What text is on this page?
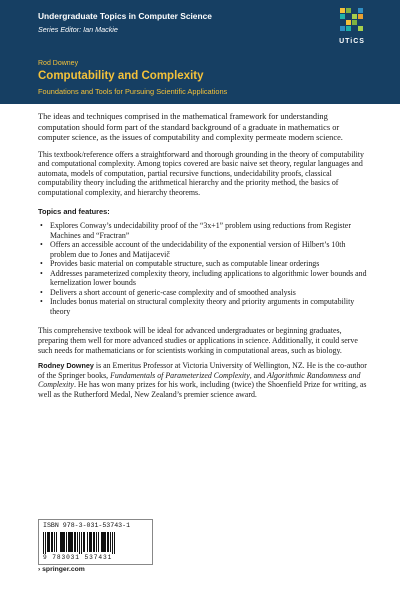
Undergraduate Topics in Computer Science
Series Editor: Ian Mackie
Rod Downey
Computability and Complexity
Foundations and Tools for Pursuing Scientific Applications
UTiCS

The ideas and techniques comprised in the mathematical framework for understanding computation should form part of the standard background of a graduate in mathematics or computer science, as the issues of computability and complexity permeate modern science.

This textbook/reference offers a straightforward and thorough grounding in the theory of computability and computational complexity. Among topics covered are basic naive set theory, regular languages and automata, models of computation, partial recursive functions, undecidability proofs, classical computability theory including the arithmetical hierarchy and the priority method, the basics of computational complexity, and hierarchy theorems.

Topics and features:

• Explores Conway’s undecidability proof of the “3x+1” problem using reductions from Register Machines and “Fractran”
• Offers an accessible account of the undecidability of the exponential version of Hilbert’s 10th problem due to Jones and Matijacevič
• Provides basic material on computable structure, such as computable linear orderings
• Addresses parameterized complexity theory, including applications to algorithmic lower bounds and kernelization lower bounds
• Delivers a short account of generic-case complexity and of smoothed analysis
• Includes bonus material on structural complexity theory and priority arguments in computability theory

This comprehensive textbook will be ideal for advanced undergraduates or beginning graduates, preparing them well for more advanced studies or applications in science. Additionally, it could serve such needs for mathematicians or for scientists working in computational areas, such as biology.

Rodney Downey is an Emeritus Professor at Victoria University of Wellington, NZ. He is the co-author of the Springer books, Fundamentals of Parameterized Complexity, and Algorithmic Randomness and Complexity. He has won many prizes for his work, including (twice) the Shoenfield Prize for writing, as well as the Rutherford Medal, New Zealand’s premier science award.

ISBN 978-3-031-53743-1
9 783031 537431
› springer.com
